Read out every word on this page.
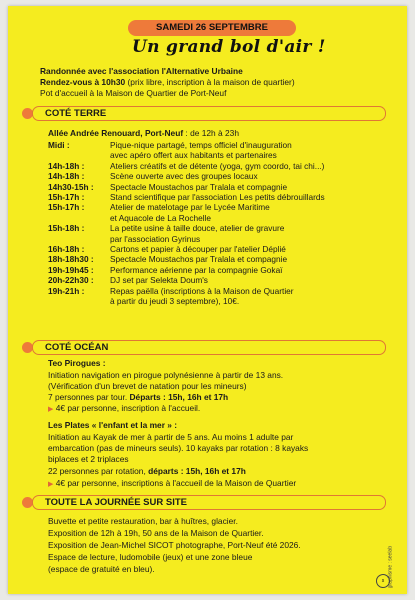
SAMEDI 26 SEPTEMBRE
Un grand bol d'air !
Randonnée avec l'association l'Alternative Urbaine
Rendez-vous à 10h30 (prix libre, inscription à la maison de quartier)
Pot d'accueil à la Maison de Quartier de Port-Neuf
COTÉ TERRE
Allée Andrée Renouard, Port-Neuf : de 12h à 23h
Midi :	Pique-nique partagé, temps officiel d'inauguration
avec apéro offert aux habitants et partenaires
14h-18h :	Ateliers créatifs et de détente (yoga, gym coordo, tai chi...)
14h-18h :	Scène ouverte avec des groupes locaux
14h30-15h :	Spectacle Moustachos par Tralala et compagnie
15h-17h :	Stand scientifique par l'association Les petits débrouillards
15h-17h :	Atelier de matelotage par le Lycée Maritime
et Aquacole de La Rochelle
15h-18h :	La petite usine à taille douce, atelier de gravure
par l'association Gyrinus
16h-18h :	Cartons et papier à découper par l'atelier Déplié
18h-18h30 :	Spectacle Moustachos par Tralala et compagnie
19h-19h45 :	Performance aérienne par la compagnie Gokaï
20h-22h30 :	DJ set par Selekta Doum's
19h-21h :	Repas paëlla (inscriptions à la Maison de Quartier
à partir du jeudi 3 septembre), 10€.
COTÉ OCÉAN
Teo Pirogues :
Initiation navigation en pirogue polynésienne à partir de 13 ans.
(Vérification d'un brevet de natation pour les mineurs)
7 personnes par tour. Départs : 15h, 16h et 17h
▶ 4€ par personne, inscription à l'accueil.
Les Plates « l'enfant et la mer » :
Initiation au Kayak de mer à partir de 5 ans. Au moins 1 adulte par
embarcation (pas de mineurs seuls). 10 kayaks par rotation : 8 kayaks
biplaces et 2 triplaces
22 personnes par rotation, départs : 15h, 16h et 17h
▶ 4€ par personne, inscriptions à l'accueil de la Maison de Quartier
TOUTE LA JOURNÉE SUR SITE
Buvette et petite restauration, bar à huîtres, glacier.
Exposition de 12h à 19h, 50 ans de la Maison de Quartier.
Exposition de Jean-Michel SICOT photographe, Port-Neuf été 2026.
Espace de lecture, ludomobile (jeux) et une zone bleue
(espace de gratuité en bleu).	graphisme : seelab
s
